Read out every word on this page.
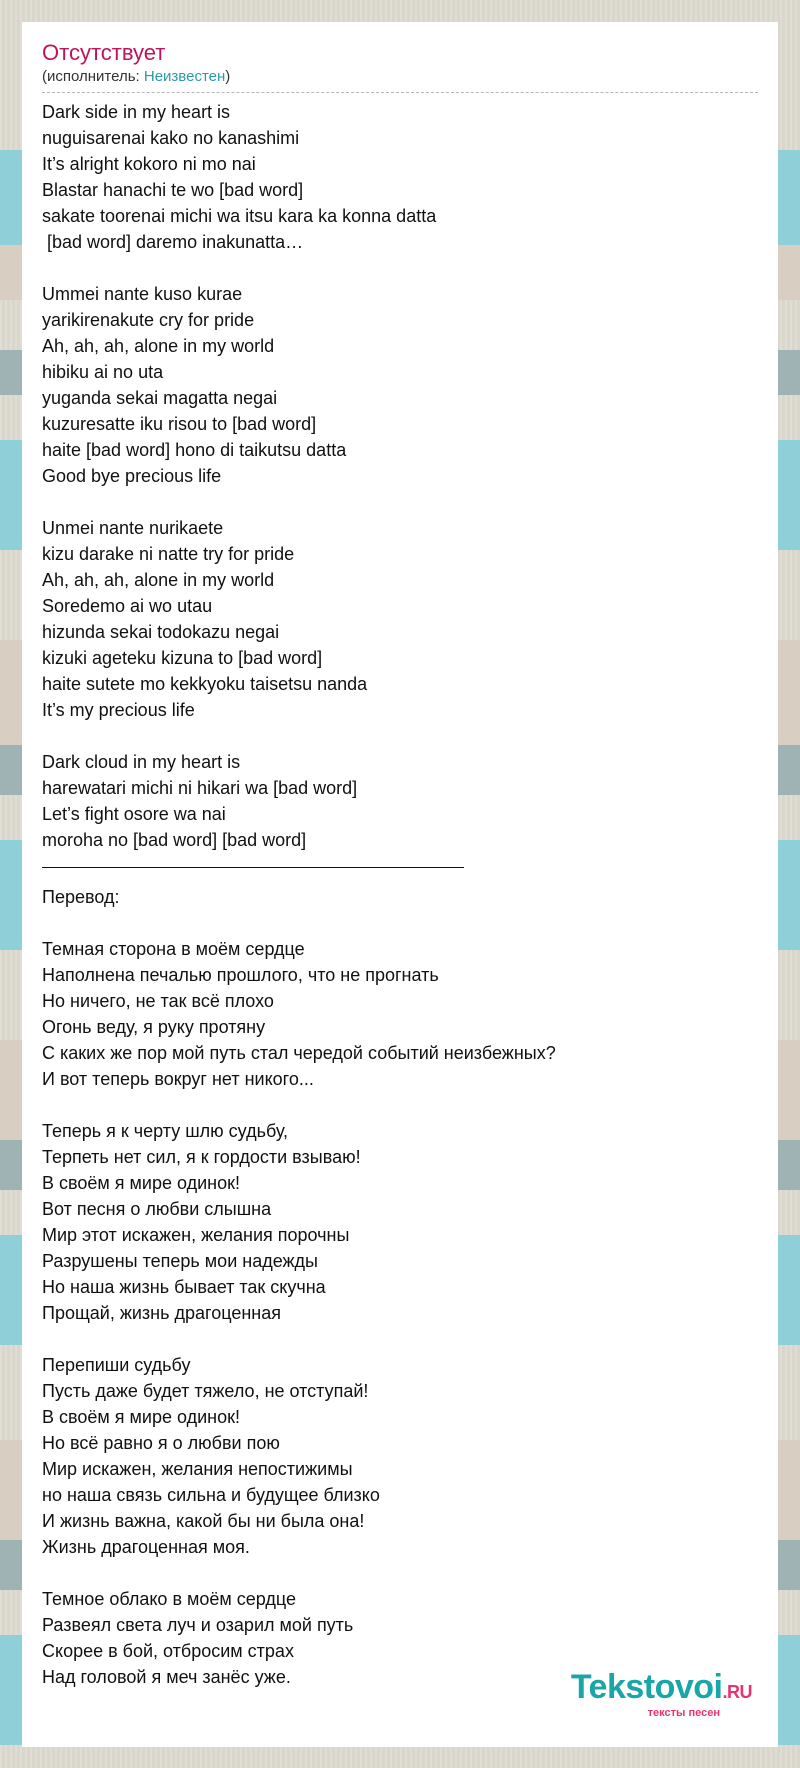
Отсутствует
(исполнитель: Неизвестен)
Dark side in my heart is
nuguisarenai kako no kanashimi
It’s alright kokoro ni mo nai
Blastar hanachi te wo [bad word]
sakate toorenai michi wa itsu kara ka konna datta
[bad word] daremo inakunatta…
Ummei nante kuso kurae
yarikirenakute cry for pride
Ah, ah, ah, alone in my world
hibiku ai no uta
yuganda sekai magatta negai
kuzuresatte iku risou to [bad word]
haite [bad word] hono di taikutsu datta
Good bye precious life
Unmei nante nurikaete
kizu darake ni natte try for pride
Ah, ah, ah, alone in my world
Soredemo ai wo utau
hizunda sekai todokazu negai
kizuki ageteku kizuna to [bad word]
haite sutete mo kekkyoku taisetsu nanda
It’s my precious life
Dark cloud in my heart is
harewatari michi ni hikari wa [bad word]
Let’s fight osore wa nai
moroha no [bad word] [bad word]
Перевод:
Темная сторона в моём сердце
Наполнена печалью прошлого, что не прогнать
Но ничего, не так всё плохо
Огонь веду, я руку протяну
С каких же пор мой путь стал чередой событий неизбежных?
И вот теперь вокруг нет никого...
Теперь я к черту шлю судьбу,
Терпеть нет сил, я к гордости взываю!
В своём я мире одинок!
Вот песня о любви слышна
Мир этот искажен, желания порочны
Разрушены теперь мои надежды
Но наша жизнь бывает так скучна
Прощай, жизнь драгоценная
Перепиши судьбу
Пусть даже будет тяжело, не отступай!
В своём я мире одинок!
Но всё равно я о любви пою
Мир искажен, желания непостижимы
но наша связь сильна и будущее близко
И жизнь важна, какой бы ни была она!
Жизнь драгоценная моя.
Темное облако в моём сердце
Развеял света луч и озарил мой путь
Скорее в бой, отбросим страх
Над головой я меч занёс уже.	Tekstovoi.RU
тексты песен
